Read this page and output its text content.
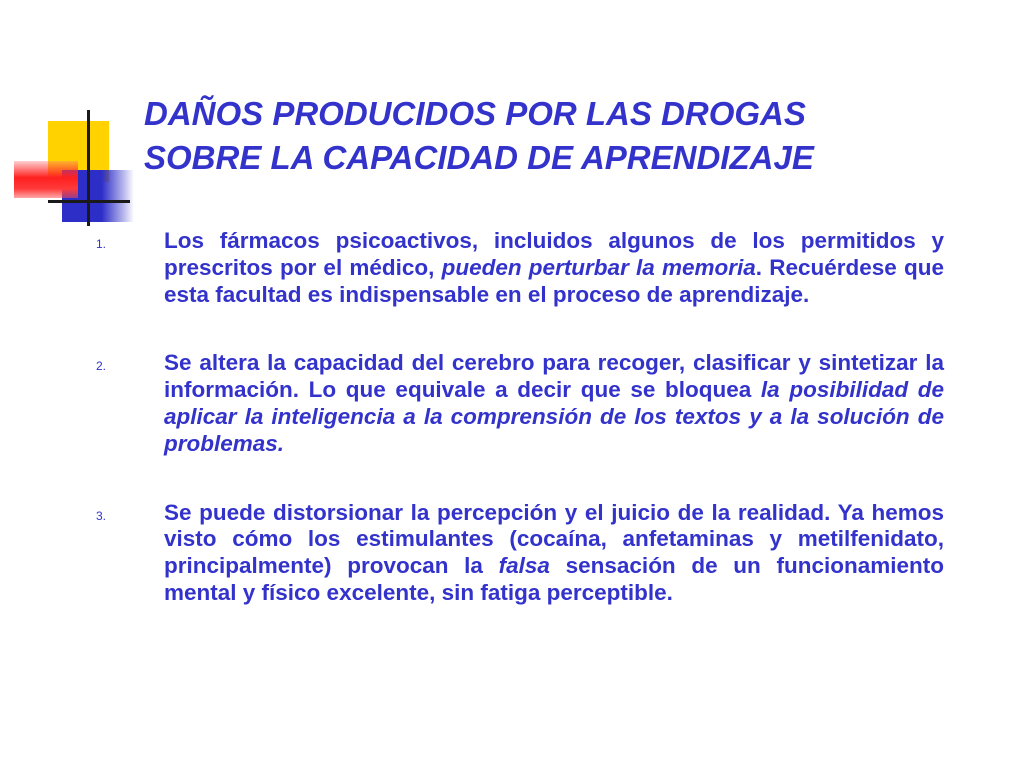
DAÑOS PRODUCIDOS POR LAS DROGAS
SOBRE LA CAPACIDAD DE APRENDIZAJE
1.	Los fármacos psicoactivos, incluidos algunos de los permitidos y prescritos por el médico, pueden perturbar la memoria. Recuérdese que esta facultad es indispensable en el proceso de aprendizaje.
2.	Se altera la capacidad del cerebro para recoger, clasificar y sintetizar la información. Lo que equivale a decir que se bloquea la posibilidad de aplicar la inteligencia a la comprensión de los textos y a la solución de problemas.
3.	Se puede distorsionar la percepción y el juicio de la realidad. Ya hemos visto cómo los estimulantes (cocaína, anfetaminas y metilfenidato, principalmente) provocan la falsa sensación de un funcionamiento mental y físico excelente, sin fatiga perceptible.
